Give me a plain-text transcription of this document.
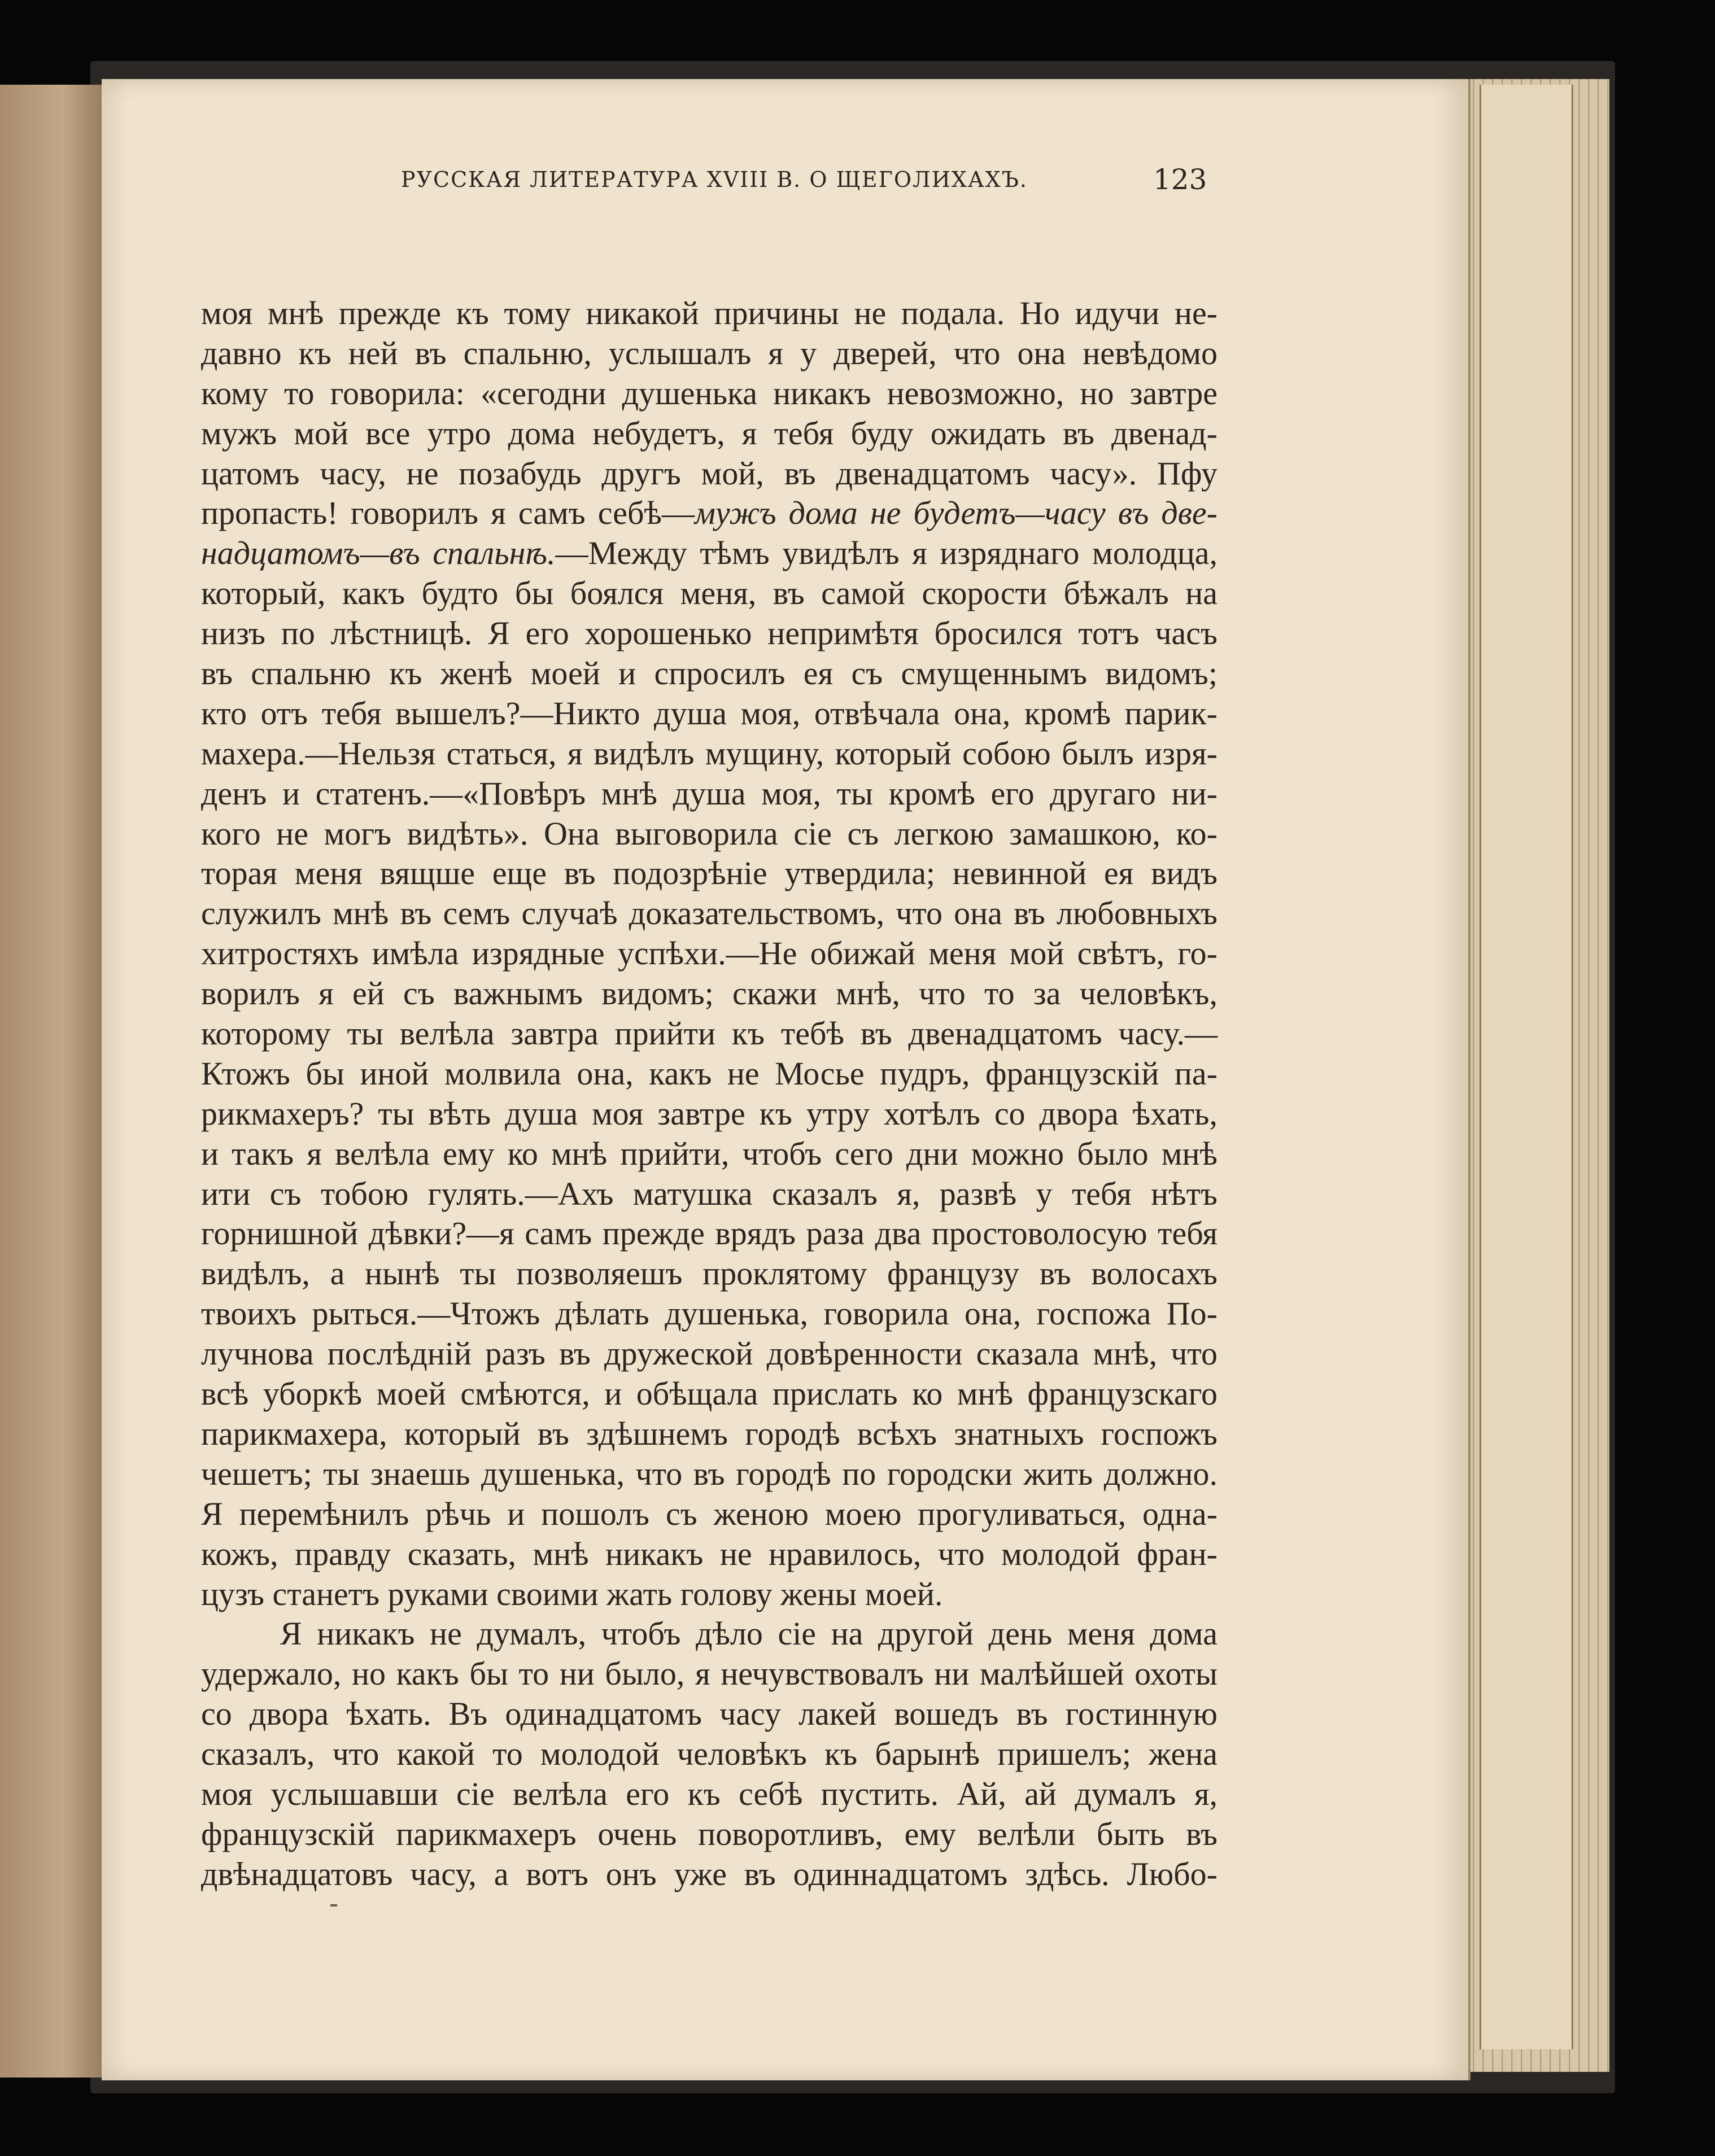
РУССКАЯ ЛИТЕРАТУРА XVIII В. О ЩЕГОЛИХАХЪ.	123
моя мнѣ прежде къ тому никакой причины не подала. Но идучи не-
давно къ ней въ спальню, услышалъ я у дверей, что она невѣдомо
кому то говорила: «сегодни душенька никакъ невозможно, но завтре
мужъ мой все утро дома небудетъ, я тебя буду ожидать въ двенад-
цатомъ часу, не позабудь другъ мой, въ двенадцатомъ часу». Пфу
пропасть! говорилъ я самъ себѣ—мужъ дома не будетъ—часу въ две-
надцатомъ—въ спальнѣ.—Между тѣмъ увидѣлъ я изряднаго молодца,
который, какъ будто бы боялся меня, въ самой скорости бѣжалъ на
низъ по лѣстницѣ. Я его хорошенько непримѣтя бросился тотъ часъ
въ спальню къ женѣ моей и спросилъ ея съ смущеннымъ видомъ;
кто отъ тебя вышелъ?—Никто душа моя, отвѣчала она, кромѣ парик-
махера.—Нельзя статься, я видѣлъ мущину, который собою былъ изря-
денъ и статенъ.—«Повѣръ мнѣ душа моя, ты кромѣ его другаго ни-
кого не могъ видѣть». Она выговорила сіе съ легкою замашкою, ко-
торая меня вящше еще въ подозрѣніе утвердила; невинной ея видъ
служилъ мнѣ въ семъ случаѣ доказательствомъ, что она въ любовныхъ
хитростяхъ имѣла изрядные успѣхи.—Не обижай меня мой свѣтъ, го-
ворилъ я ей съ важнымъ видомъ; скажи мнѣ, что то за человѣкъ,
которому ты велѣла завтра прийти къ тебѣ въ двенадцатомъ часу.—
Ктожъ бы иной молвила она, какъ не Мосье пудръ, французскій па-
рикмахеръ? ты вѣть душа моя завтре къ утру хотѣлъ со двора ѣхать,
и такъ я велѣла ему ко мнѣ прийти, чтобъ сего дни можно было мнѣ
ити съ тобою гулять.—Ахъ матушка сказалъ я, развѣ у тебя нѣтъ
горнишной дѣвки?—я самъ прежде врядъ раза два простоволосую тебя
видѣлъ, а нынѣ ты позволяешъ проклятому французу въ волосахъ
твоихъ рыться.—Чтожъ дѣлать душенька, говорила она, госпожа По-
лучнова послѣдній разъ въ дружеской довѣренности сказала мнѣ, что
всѣ уборкѣ моей смѣются, и обѣщала прислать ко мнѣ французскаго
парикмахера, который въ здѣшнемъ городѣ всѣхъ знатныхъ госпожъ
чешетъ; ты знаешь душенька, что въ городѣ по городски жить должно.
Я перемѣнилъ рѣчь и пошолъ съ женою моею прогуливаться, одна-
кожъ, правду сказать, мнѣ никакъ не нравилось, что молодой фран-
цузъ станетъ руками своими жать голову жены моей.
Я никакъ не думалъ, чтобъ дѣло сіе на другой день меня дома
удержало, но какъ бы то ни было, я нечувствовалъ ни малѣйшей охоты
со двора ѣхать. Въ одинадцатомъ часу лакей вошедъ въ гостинную
сказалъ, что какой то молодой человѣкъ къ барынѣ пришелъ; жена
моя услышавши сіе велѣла его къ себѣ пустить. Ай, ай думалъ я,
французскій парикмахеръ очень поворотливъ, ему велѣли быть въ
двѣнадцатовъ часу, а вотъ онъ уже въ одиннадцатомъ здѣсь. Любо-
